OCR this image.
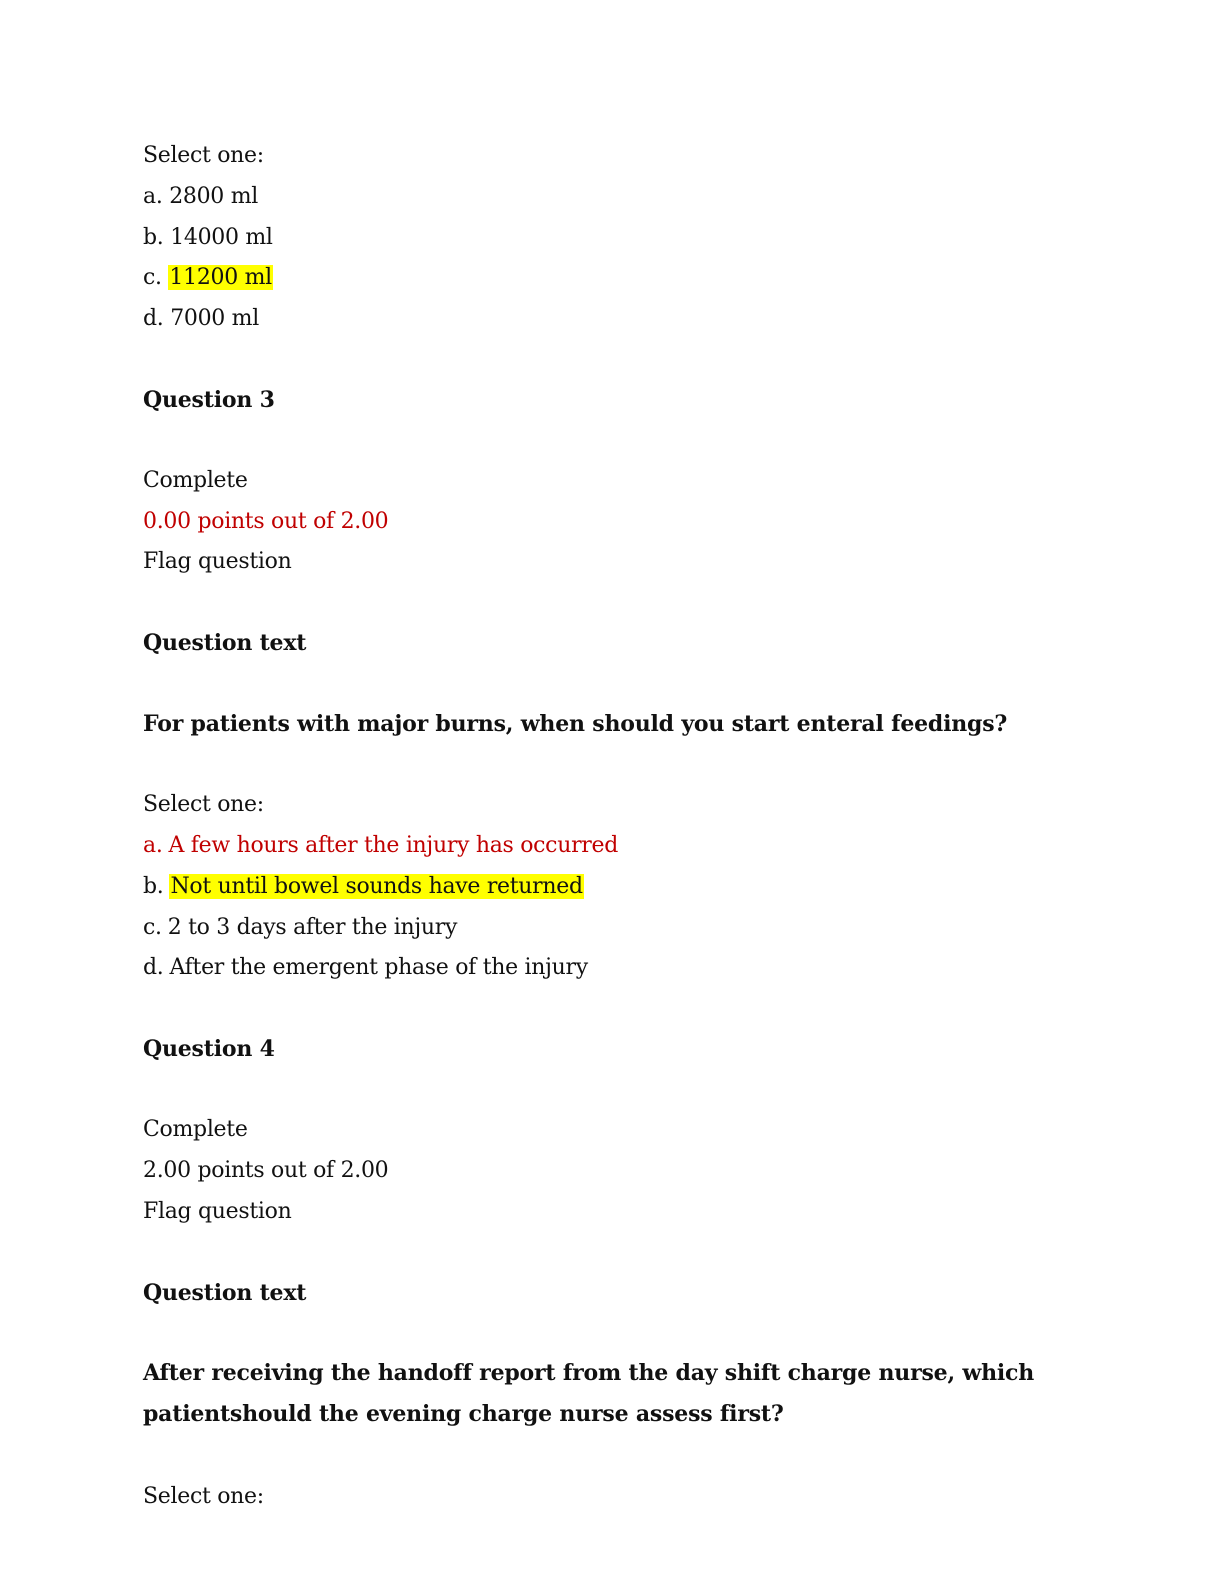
Select one:
a. 2800 ml
b. 14000 ml
c. 11200 ml
d. 7000 ml
Question 3
Complete
0.00 points out of 2.00
Flag question
Question text
For patients with major burns, when should you start enteral feedings?
Select one:
a. A few hours after the injury has occurred
b. Not until bowel sounds have returned
c. 2 to 3 days after the injury
d. After the emergent phase of the injury
Question 4
Complete
2.00 points out of 2.00
Flag question
Question text
After receiving the handoff report from the day shift charge nurse, which patientshould the evening charge nurse assess first?
Select one:
